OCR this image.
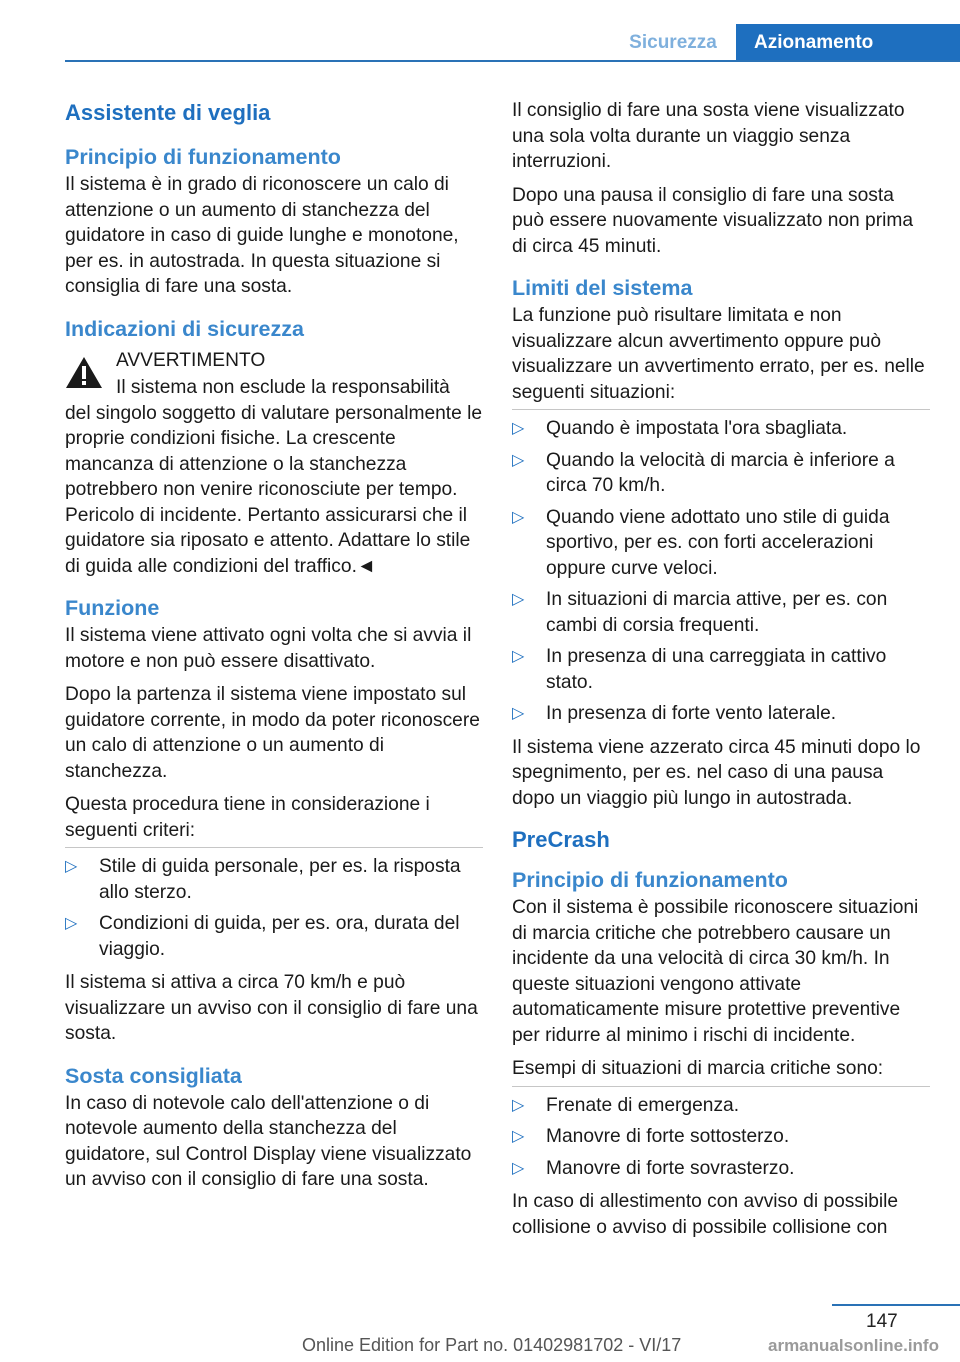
Sicurezza	Azionamento
Assistente di veglia
Principio di funzionamento

Il sistema è in grado di riconoscere un calo di attenzione o un aumento di stanchezza del guidatore in caso di guide lunghe e monotone, per es. in autostrada. In questa situazione si consiglia di fare una sosta.

Indicazioni di sicurezza

AVVERTIMENTO

Il sistema non esclude la responsabilità

del singolo soggetto di valutare personalmente le proprie condizioni fisiche. La crescente mancanza di attenzione o la stanchezza potrebbero non venire riconosciute per tempo. Pericolo di incidente. Pertanto assicurarsi che il guidatore sia riposato e attento. Adattare lo stile di guida alle condizioni del traffico.◄

Funzione

Il sistema viene attivato ogni volta che si avvia il motore e non può essere disattivato.

Dopo la partenza il sistema viene impostato sul guidatore corrente, in modo da poter riconoscere un calo di attenzione o un aumento di stanchezza.

Questa procedura tiene in considerazione i seguenti criteri:

▷ Stile di guida personale, per es. la risposta allo sterzo.
▷ Condizioni di guida, per es. ora, durata del viaggio.

Il sistema si attiva a circa 70 km/h e può visualizzare un avviso con il consiglio di fare una sosta.

Sosta consigliata

In caso di notevole calo dell'attenzione o di notevole aumento della stanchezza del guidatore, sul Control Display viene visualizzato un avviso con il consiglio di fare una sosta.

Il consiglio di fare una sosta viene visualizzato una sola volta durante un viaggio senza interruzioni.

Dopo una pausa il consiglio di fare una sosta può essere nuovamente visualizzato non prima di circa 45 minuti.

Limiti del sistema

La funzione può risultare limitata e non visualizzare alcun avvertimento oppure può visualizzare un avvertimento errato, per es. nelle seguenti situazioni:

▷ Quando è impostata l'ora sbagliata.
▷ Quando la velocità di marcia è inferiore a circa 70 km/h.
▷ Quando viene adottato uno stile di guida sportivo, per es. con forti accelerazioni oppure curve veloci.
▷ In situazioni di marcia attive, per es. con cambi di corsia frequenti.
▷ In presenza di una carreggiata in cattivo stato.
▷ In presenza di forte vento laterale.

Il sistema viene azzerato circa 45 minuti dopo lo spegnimento, per es. nel caso di una pausa dopo un viaggio più lungo in autostrada.

PreCrash
Principio di funzionamento

Con il sistema è possibile riconoscere situazioni di marcia critiche che potrebbero causare un incidente da una velocità di circa 30 km/h. In queste situazioni vengono attivate automaticamente misure protettive preventive per ridurre al minimo i rischi di incidente.

Esempi di situazioni di marcia critiche sono:

▷ Frenate di emergenza.
▷ Manovre di forte sottosterzo.
▷ Manovre di forte sovrasterzo.

In caso di allestimento con avviso di possibile collisione o avviso di possibile collisione con

147
Online Edition for Part no. 01402981702 - VI/17	armanualsonline.info
